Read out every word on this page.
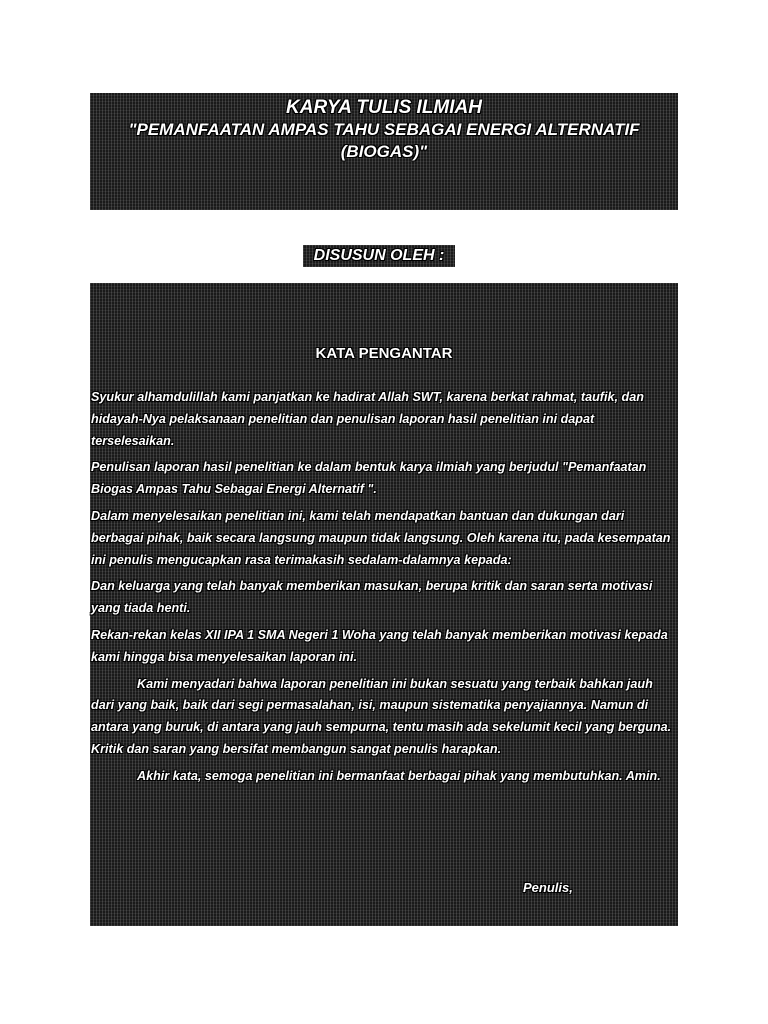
KARYA TULIS ILMIAH
"PEMANFAATAN AMPAS TAHU SEBAGAI ENERGI ALTERNATIF (BIOGAS)"
DISUSUN OLEH :
KATA PENGANTAR

Syukur alhamdulillah kami panjatkan ke hadirat Allah SWT, karena berkat rahmat, taufik, dan hidayah-Nya pelaksanaan penelitian dan penulisan laporan hasil penelitian ini dapat terselesaikan.

Penulisan laporan hasil penelitian ke dalam bentuk karya ilmiah yang berjudul "Pemanfaatan Biogas Ampas Tahu Sebagai Energi Alternatif ".

Dalam menyelesaikan penelitian ini, kami telah mendapatkan bantuan dan dukungan dari berbagai pihak, baik secara langsung maupun tidak langsung. Oleh karena itu, pada kesempatan ini penulis mengucapkan rasa terimakasih sedalam-dalamnya kepada:

Dan keluarga yang telah banyak memberikan masukan, berupa kritik dan saran serta motivasi yang tiada henti.

Rekan-rekan kelas XII IPA 1 SMA Negeri 1 Woha yang telah banyak memberikan motivasi kepada kami hingga bisa menyelesaikan laporan ini.

Kami menyadari bahwa laporan penelitian ini bukan sesuatu yang terbaik bahkan jauh dari yang baik, baik dari segi permasalahan, isi, maupun sistematika penyajiannya. Namun di antara yang buruk, di antara yang jauh sempurna, tentu masih ada sekelumit kecil yang berguna. Kritik dan saran yang bersifat membangun sangat penulis harapkan.

Akhir kata, semoga penelitian ini bermanfaat berbagai pihak yang membutuhkan. Amin.

Penulis,
